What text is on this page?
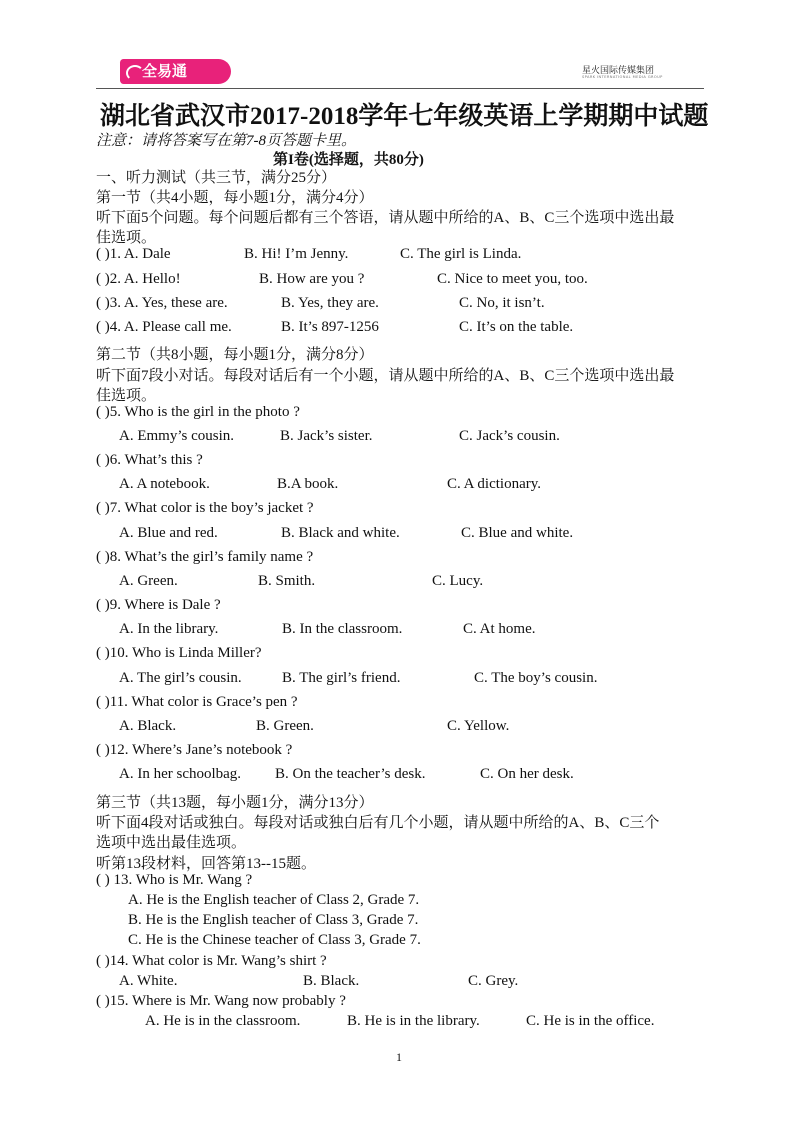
全易通	星火国际传媒集团
SPARK INTERNATIONAL MEDIA GROUP
湖北省武汉市2017-2018学年七年级英语上学期期中试题
注意：请将答案写在第7-8页答题卡里。
第I卷(选择题，共80分)
一、听力测试（共三节，满分25分）
第一节（共4小题，每小题1分，满分4分）
听下面5个问题。每个问题后都有三个答语，请从题中所给的A、B、C三个选项中选出最
佳选项。
( )1. A. Dale	B. Hi! I’m Jenny.	C. The girl is Linda.
( )2. A. Hello!	B. How are you ?	C. Nice to meet you, too.
( )3. A. Yes, these are.	B. Yes, they are.	C. No, it isn’t.
( )4. A. Please call me.	B. It’s 897-1256	C. It’s on the table.
第二节（共8小题，每小题1分，满分8分）
听下面7段小对话。每段对话后有一个小题，请从题中所给的A、B、C三个选项中选出最
佳选项。
( )5. Who is the girl in the photo ?
A. Emmy’s cousin.	B. Jack’s sister.	C. Jack’s cousin.
( )6. What’s this ?
A. A notebook.	B.A book.	C. A dictionary.
( )7. What color is the boy’s jacket ?
A. Blue and red.	B. Black and white.	C. Blue and white.
( )8. What’s the girl’s family name ?
A. Green.	B. Smith.	C. Lucy.
( )9. Where is Dale ?
A. In the library.	B. In the classroom.	C. At home.
( )10. Who is Linda Miller?
A. The girl’s cousin.	B. The girl’s friend.	C. The boy’s cousin.
( )11. What color is Grace’s pen ?
A. Black.	B. Green.	C. Yellow.
( )12. Where’s Jane’s notebook ?
A. In her schoolbag. B. On the teacher’s desk.	C. On her desk.
第三节（共13题，每小题1分，满分13分）
听下面4段对话或独白。每段对话或独白后有几个小题，请从题中所给的A、B、C三个
选项中选出最佳选项。
听第13段材料，回答第13--15题。
( ) 13. Who is Mr. Wang ?
A. He is the English teacher of Class 2, Grade 7.
B. He is the English teacher of Class 3, Grade 7.
C. He is the Chinese teacher of Class 3, Grade 7.
( )14. What color is Mr. Wang’s shirt ?
A. White.	B. Black.	C. Grey.
( )15. Where is Mr. Wang now probably ?
A. He is in the classroom.	B. He is in the library.	C. He is in the office.
1
